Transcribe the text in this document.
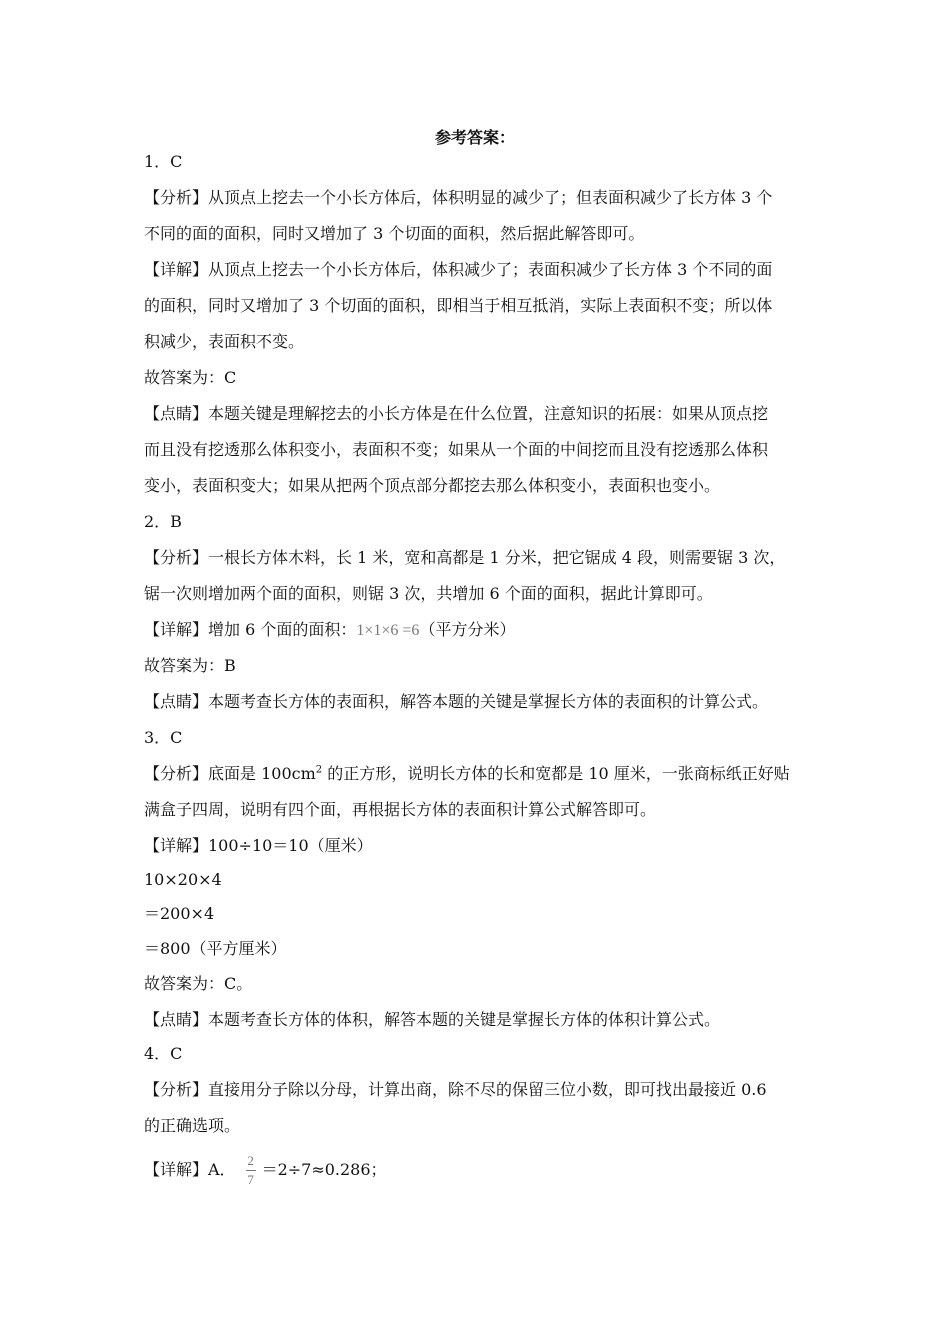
参考答案：
1．C
【分析】从顶点上挖去一个小长方体后，体积明显的减少了；但表面积减少了长方体 3 个
不同的面的面积，同时又增加了 3 个切面的面积，然后据此解答即可。
【详解】从顶点上挖去一个小长方体后，体积减少了；表面积减少了长方体 3 个不同的面
的面积，同时又增加了 3 个切面的面积，即相当于相互抵消，实际上表面积不变；所以体
积减少，表面积不变。
故答案为：C
【点睛】本题关键是理解挖去的小长方体是在什么位置，注意知识的拓展：如果从顶点挖
而且没有挖透那么体积变小，表面积不变；如果从一个面的中间挖而且没有挖透那么体积
变小，表面积变大；如果从把两个顶点部分都挖去那么体积变小，表面积也变小。
2．B
【分析】一根长方体木料，长 1 米，宽和高都是 1 分米，把它锯成 4 段，则需要锯 3 次，
锯一次则增加两个面的面积，则锯 3 次，共增加 6 个面的面积，据此计算即可。
【详解】增加 6 个面的面积：1×1×6 =6（平方分米）
故答案为：B
【点睛】本题考查长方体的表面积，解答本题的关键是掌握长方体的表面积的计算公式。
3．C
【分析】底面是 $100cm^2$ 的正方形，说明长方体的长和宽都是 10 厘米，一张商标纸正好贴
满盒子四周，说明有四个面，再根据长方体的表面积计算公式解答即可。
【详解】100÷10＝10（厘米）
10×20×4
＝200×4
＝800（平方厘米）
故答案为：C。
【点睛】本题考查长方体的体积，解答本题的关键是掌握长方体的体积计算公式。
4．C
【分析】直接用分子除以分母，计算出商，除不尽的保留三位小数，即可找出最接近 0.6
的正确选项。
【详解】A． $\frac{2}{7} =2\div 7\approx 0.286$；
